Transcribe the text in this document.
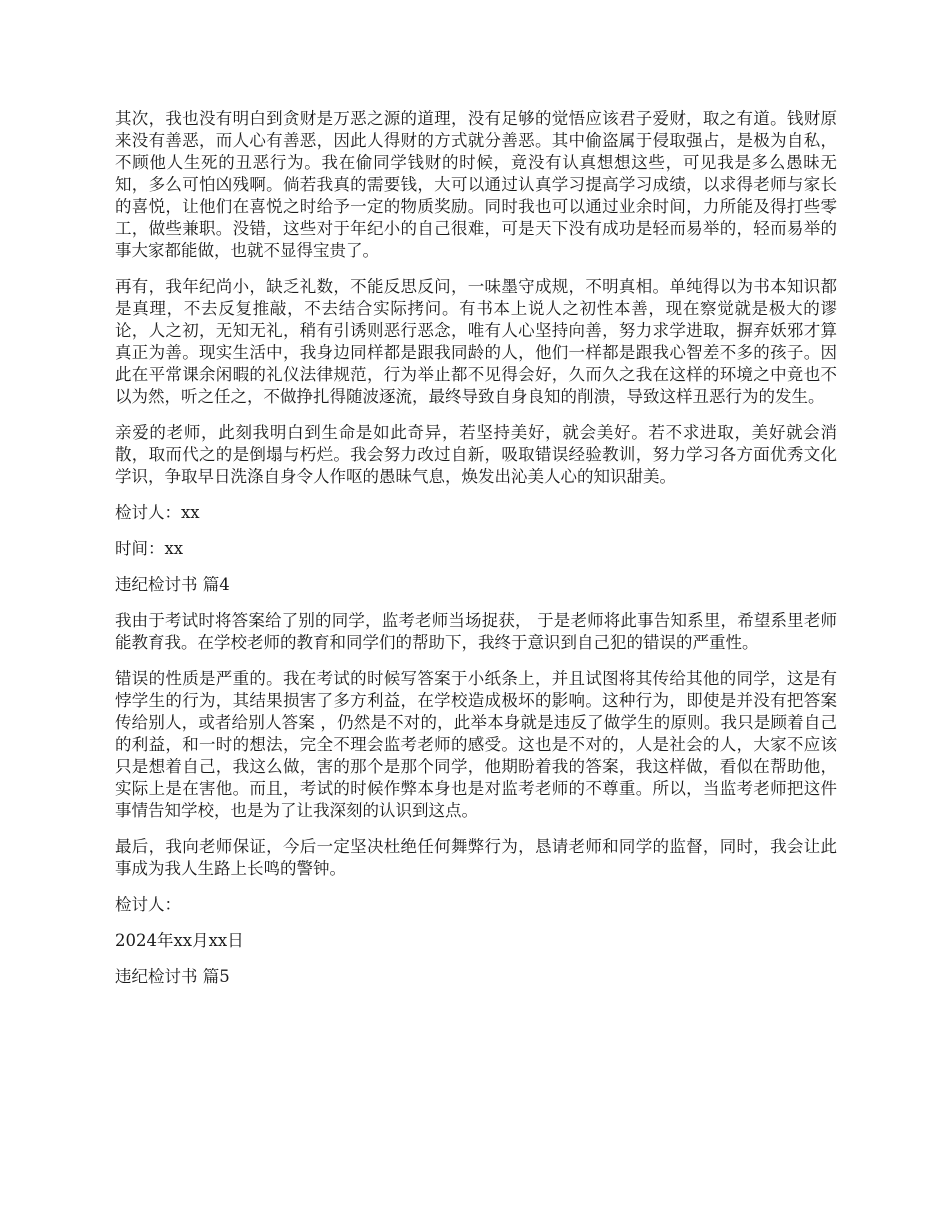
其次，我也没有明白到贪财是万恶之源的道理，没有足够的觉悟应该君子爱财，取之有道。钱财原来没有善恶，而人心有善恶，因此人得财的方式就分善恶。其中偷盗属于侵取强占，是极为自私，不顾他人生死的丑恶行为。我在偷同学钱财的时候，竟没有认真想想这些，可见我是多么愚昧无知，多么可怕凶残啊。倘若我真的需要钱，大可以通过认真学习提高学习成绩，以求得老师与家长的喜悦，让他们在喜悦之时给予一定的物质奖励。同时我也可以通过业余时间，力所能及得打些零工，做些兼职。没错，这些对于年纪小的自己很难，可是天下没有成功是轻而易举的，轻而易举的事大家都能做，也就不显得宝贵了。

再有，我年纪尚小，缺乏礼数，不能反思反问，一味墨守成规，不明真相。单纯得以为书本知识都是真理，不去反复推敲，不去结合实际拷问。有书本上说人之初性本善，现在察觉就是极大的谬论，人之初，无知无礼，稍有引诱则恶行恶念，唯有人心坚持向善，努力求学进取，摒弃妖邪才算真正为善。现实生活中，我身边同样都是跟我同龄的人，他们一样都是跟我心智差不多的孩子。因此在平常课余闲暇的礼仪法律规范，行为举止都不见得会好，久而久之我在这样的环境之中竟也不以为然，听之任之，不做挣扎得随波逐流，最终导致自身良知的削溃，导致这样丑恶行为的发生。

亲爱的老师，此刻我明白到生命是如此奇异，若坚持美好，就会美好。若不求进取，美好就会消散，取而代之的是倒塌与朽烂。我会努力改过自新，吸取错误经验教训，努力学习各方面优秀文化学识，争取早日洗涤自身令人作呕的愚昧气息，焕发出沁美人心的知识甜美。

检讨人：xx

时间：xx

违纪检讨书 篇4

我由于考试时将答案给了别的同学，监考老师当场捉获， 于是老师将此事告知系里，希望系里老师能教育我。在学校老师的教育和同学们的帮助下，我终于意识到自己犯的错误的严重性。

错误的性质是严重的。我在考试的时候写答案于小纸条上，并且试图将其传给其他的同学，这是有悖学生的行为，其结果损害了多方利益，在学校造成极坏的影响。这种行为，即使是并没有把答案传给别人，或者给别人答案 ，仍然是不对的，此举本身就是违反了做学生的原则。我只是顾着自己的利益，和一时的想法，完全不理会监考老师的感受。这也是不对的，人是社会的人，大家不应该只是想着自己，我这么做，害的那个是那个同学，他期盼着我的答案，我这样做，看似在帮助他，实际上是在害他。而且，考试的时候作弊本身也是对监考老师的不尊重。所以，当监考老师把这件事情告知学校，也是为了让我深刻的认识到这点。

最后，我向老师保证，今后一定坚决杜绝任何舞弊行为，恳请老师和同学的监督，同时，我会让此事成为我人生路上长鸣的警钟。

检讨人：

2024年xx月xx日

违纪检讨书 篇5
